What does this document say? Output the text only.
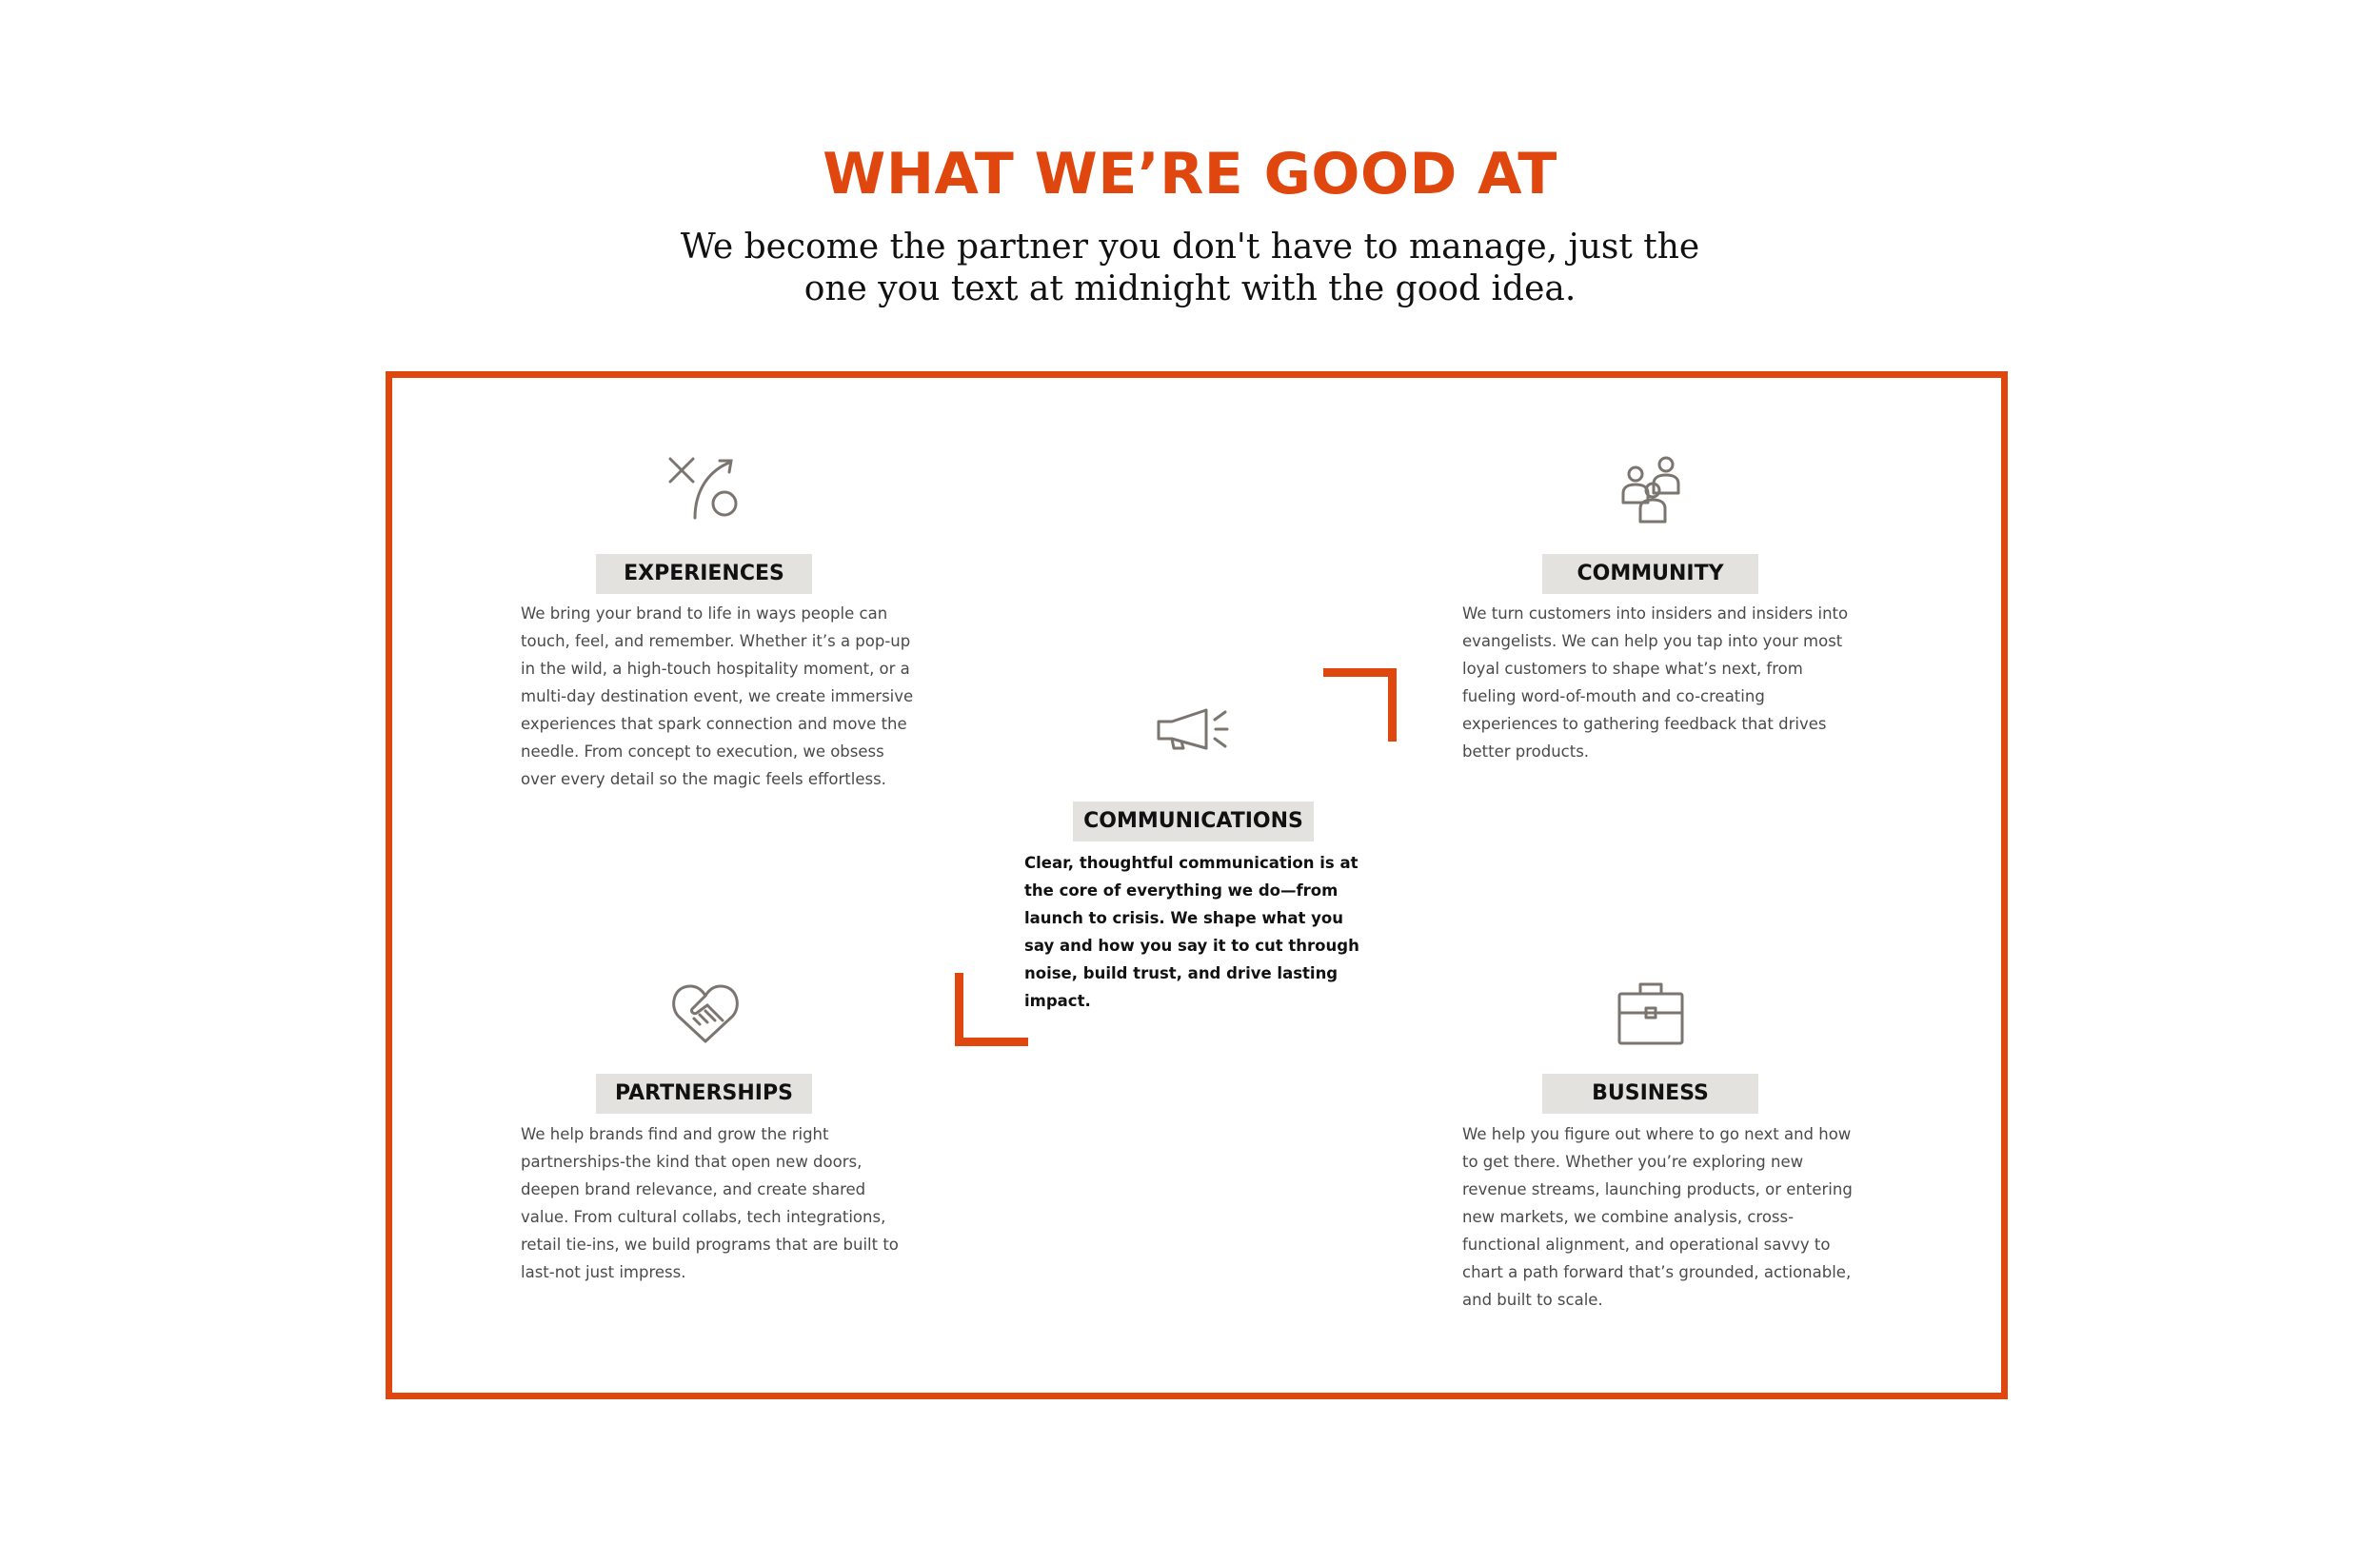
WHAT WE’RE GOOD AT
We become the partner you don't have to manage, just the
one you text at midnight with the good idea.
EXPERIENCES

We bring your brand to life in ways people can touch, feel, and remember. Whether it’s a pop-up in the wild, a high-touch hospitality moment, or a multi-day destination event, we create immersive experiences that spark connection and move the needle. From concept to execution, we obsess over every detail so the magic feels effortless.

COMMUNITY

We turn customers into insiders and insiders into evangelists. We can help you tap into your most loyal customers to shape what’s next, from fueling word-of-mouth and co-creating experiences to gathering feedback that drives better products.

COMMUNICATIONS

Clear, thoughtful communication is at the core of everything we do—from launch to crisis. We shape what you say and how you say it to cut through noise, build trust, and drive lasting impact.

PARTNERSHIPS

We help brands find and grow the right partnerships-the kind that open new doors, deepen brand relevance, and create shared value. From cultural collabs, tech integrations, retail tie-ins, we build programs that are built to last-not just impress.

BUSINESS

We help you figure out where to go next and how to get there. Whether you’re exploring new revenue streams, launching products, or entering new markets, we combine analysis, cross-functional alignment, and operational savvy to chart a path forward that’s grounded, actionable, and built to scale.
